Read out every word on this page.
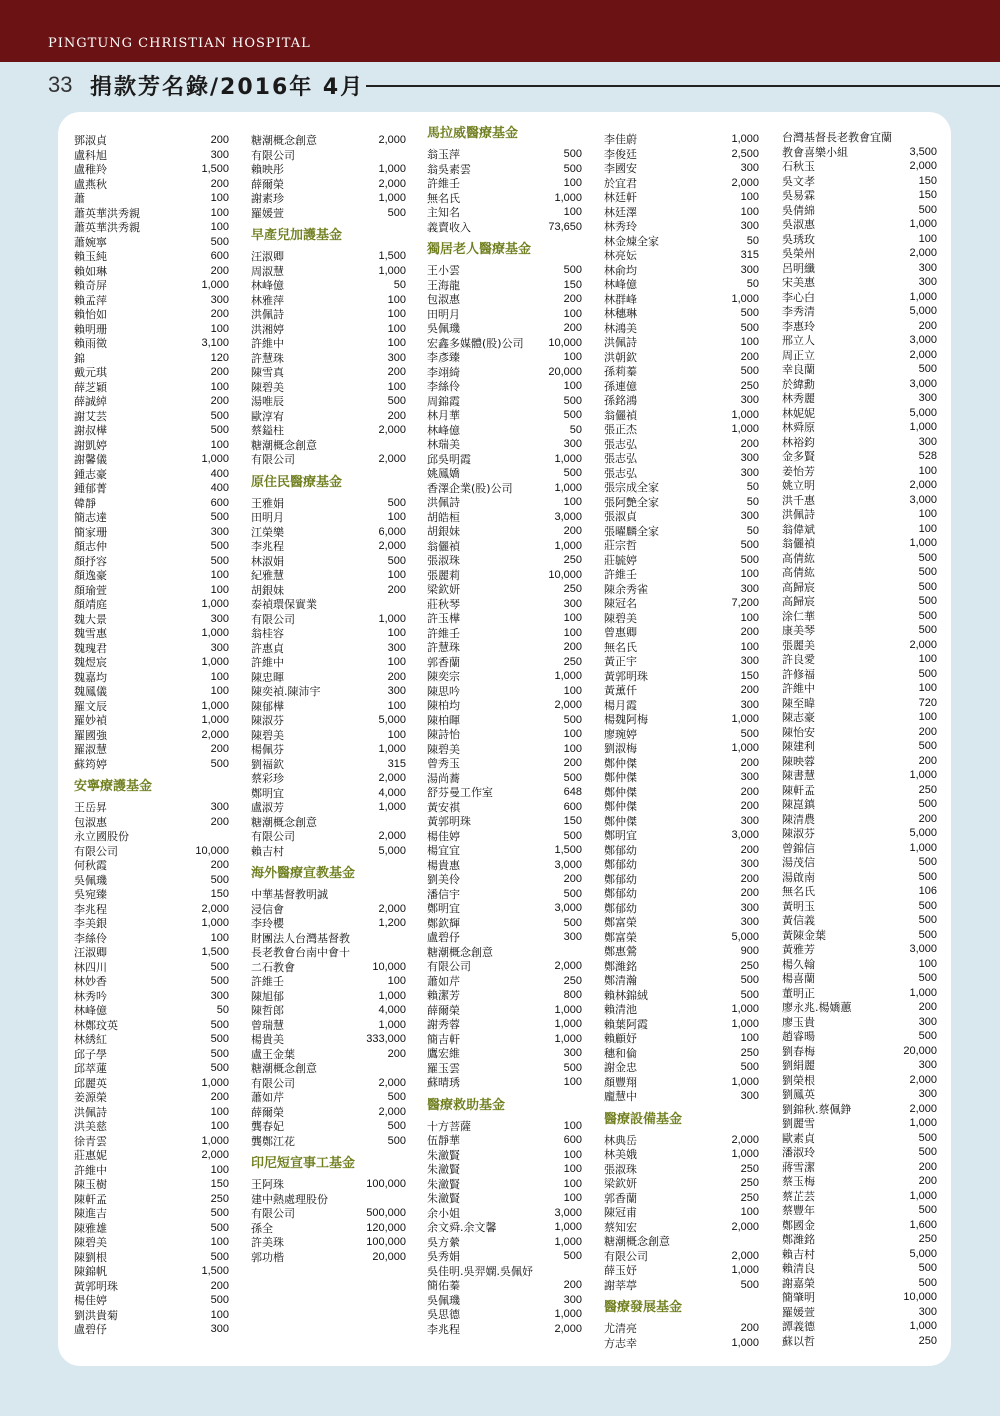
PINGTUNG CHRISTIAN HOSPITAL
33 捐款芳名錄/2016年 4月
鄧淑貞	200
盧科旭	300
盧稚羚	1,500
盧燕秋	200
蕭	100
蕭英華洪秀親	100
蕭英華洪秀親	100
蕭婉寧	500
賴玉純	600
賴如琳	200
賴奇屏	1,000
賴孟萍	300
賴怡如	200
賴明珊	100
賴雨徵	3,100
錦	120
戴元琪	200
薛芝穎	100
薛誠綽	200
謝艾芸	500
謝叔樺	500
謝凱婷	100
謝馨儀	1,000
鍾志豪	400
鍾郁菁	400
韓靜	600
簡志達	500
簡家珊	300
顏志仲	500
顏抒容	500
顏逸豪	100
顏瑜萱	100
顏靖庭	1,000
魏大景	300
魏雪惠	1,000
魏瑰君	300
魏煜宸	1,000
魏嘉均	100
魏鳳儀	100
羅文辰	1,000
羅妙禎	1,000
羅國強	2,000
羅淑慧	200
蘇筠婷	500
安寧療護基金
王岳昇	300
包淑惠	200
永立國股份
有限公司	10,000
何秋霞	200
吳佩璣	500
吳宛臻	150
李兆程	2,000
李美銀	1,000
李絲伶	100
汪淑卿	1,500
林四川	500
林妙香	500
林秀吟	300
林峰億	50
林鄭玟英	500
林綉紅	500
邱子學	500
邱萃蓮	500
邱麗英	1,000
姜源榮	200
洪佩詩	100
洪美慈	100
徐青雲	1,000
莊惠妮	2,000
許維中	100
陳玉樹	150
陳軒孟	250
陳進吉	500
陳雅雄	500
陳碧美	100
陳劉根	500
陳錦帆	1,500
黃郭明珠	200
楊佳婷	500
劉洪貴菊	100
盧碧伃	300
糖潮概念創意	2,000
有限公司
賴映彤	1,000
薛爾榮	2,000
謝素珍	1,000
羅媛萱	500
早產兒加護基金
汪淑卿	1,500
周淑慧	1,000
林峰億	50
林雅萍	100
洪佩詩	100
洪湘婷	100
許維中	100
許慧珠	300
陳雪真	200
陳碧美	100
湯唯辰	500
歐淳宥	200
蔡鎰柱	2,000
糖潮概念創意
有限公司	2,000
原住民醫療基金
王雅娟	500
田明月	100
江榮樂	6,000
李兆程	2,000
林淑娟	500
紀雅慧	100
胡銀妹	200
泰禎環保實業
有限公司	1,000
翁桂容	100
許惠貞	300
許維中	100
陳忠暉	200
陳奕禎.陳沛宇	300
陳郁樺	100
陳淑芬	5,000
陳碧美	100
楊佩芬	1,000
劉福欽	315
蔡彩珍	2,000
鄭明宜	4,000
盧淑芳	1,000
糖潮概念創意
有限公司	2,000
賴吉村	5,000
海外醫療宣教基金
中華基督教明誠
浸信會	2,000
李玲櫻	1,200
財團法人台灣基督教
長老教會台南中會十
二石教會	10,000
許維壬	100
陳旭郁	1,000
陳哲郎	4,000
曾瑞慧	1,000
楊貴美	333,000
盧王金葉	200
糖潮概念創意
有限公司	2,000
蕭如芹	500
薛爾榮	2,000
龔春妃	500
龔鄭江花	500
印尼短宣事工基金
王阿珠	100,000
建中熱處理股份
有限公司	500,000
孫全	120,000
許美珠	100,000
郭功楷	20,000
馬拉威醫療基金
翁玉萍	500
翁吳素雲	500
許維壬	100
無名氏	1,000
主知名	100
義賣收入	73,650
獨居老人醫療基金
王小雲	500
王海龍	150
包淑惠	200
田明月	100
吳佩璣	200
宏鑫多媒體(股)公司 10,000
李彥臻	100
李翊綺	20,000
李絲伶	100
周錦霞	500
林月華	500
林峰億	50
林瑞美	300
邱吳明霞	1,000
姚鳳嬌	500
香澤企業(股)公司	1,000
洪佩詩	100
胡皓桓	3,000
胡銀妹	200
翁儷禎	1,000
張淑珠	250
張麗莉	10,000
梁欽妍	250
莊秋琴	300
許玉樺	100
許維壬	100
許慧珠	200
郭香蘭	250
陳奕宗	1,000
陳思吟	100
陳柏均	2,000
陳柏暉	500
陳詩怡	100
陳碧美	100
曾秀玉	200
湯尚蕎	500
舒芬曼工作室	648
黃安祺	600
黃郭明珠	150
楊佳婷	500
楊宜宜	1,500
楊貴惠	3,000
劉美伶	200
潘信宇	500
鄭明宜	3,000
鄭欽輝	500
盧碧伃	300
糖潮概念創意
有限公司	2,000
蕭如芹	250
賴潔芳	800
薛爾榮	1,000
謝秀蓉	1,000
簡吉軒	1,000
鷹宏維	300
羅玉雲	500
蘇晴琇	100
醫療救助基金
十方菩薩	100
伍靜華	600
朱瀲賢	100
朱瀲賢	100
朱瀲賢	100
朱瀲賢	100
余小姐	3,000
余文舜.余文馨	1,000
吳方縈	1,000
吳秀娟	500
吳佳明.吳羿嫻.吳佩妤
簡佑蓁	200
吳佩璣	300
吳思德	1,000
李兆程	2,000
李佳蔚	1,000
李俊廷	2,500
李國安	300
於宜君	2,000
林廷軒	100
林廷澤	100
林秀玲	300
林金煉全家	50
林亮妘	315
林俞均	300
林峰億	50
林群峰	1,000
林穗琳	500
林鴻美	500
洪佩詩	100
洪朝欽	200
孫莉蓁	500
孫連億	250
孫銘鴻	300
翁儷禎	1,000
張正杰	1,000
張志弘	200
張志弘	300
張志弘	300
張宗成全家	50
張阿艶全家	50
張淑貞	300
張曜麟全家	50
莊宗哲	500
莊毓婷	500
許維壬	100
陳余秀雀	300
陳冠名	7,200
陳碧美	100
曾惠卿	200
無名氏	100
黃正宇	300
黃郭明珠	150
黃薰仟	200
楊月霞	300
楊魏阿梅	1,000
廖琬婷	500
劉淑梅	1,000
鄭仲傑	200
鄭仲傑	300
鄭仲傑	200
鄭仲傑	200
鄭仲傑	300
鄭明宜	3,000
鄭郁幼	200
鄭郁幼	300
鄭郁幼	200
鄭郁幼	200
鄭郁幼	300
鄭富榮	300
鄭富榮	5,000
鄭惠鶯	900
鄭濰銘	250
鄭清瀚	500
賴林錦絨	500
賴清池	1,000
賴葉阿霞	1,000
賴顧妤	100
穗和倫	250
謝金忠	500
顏豐翔	1,000
龐慧中	300
醫療設備基金
林典岳	2,000
林美娥	1,000
張淑珠	250
梁欽妍	250
郭香蘭	250
陳冠甫	100
蔡知宏	2,000
糖潮概念創意
有限公司	2,000
薛玉妤	1,000
謝莘葶	500
醫療發展基金
尤清亮	200
方志幸	1,000
台灣基督長老教會宜蘭
教會喜樂小組	3,500
石秋玉	2,000
吳文孝	150
吳易霖	150
吳倩綿	500
吳淑惠	1,000
吳琇玫	100
吳榮州	2,000
呂明纖	300
宋美惠	300
李心白	1,000
李秀清	5,000
李惠玲	200
邢立人	3,000
周正立	2,000
幸良蘭	500
於緯勳	3,000
林秀麗	300
林妮妮	5,000
林舜原	1,000
林裕鈞	300
金多賢	528
姜怡芳	100
姚立明	2,000
洪千惠	3,000
洪佩詩	100
翁偉斌	100
翁儷禎	1,000
高倩紘	500
高倩紘	500
高歸宸	500
高歸宸	500
涂仁華	500
康美琴	500
張麗美	2,000
許良愛	100
許修福	500
許維中	100
陳至暐	720
陳志豪	100
陳怡安	200
陳建利	500
陳映蓉	200
陳書慧	1,000
陳軒孟	250
陳崑鎮	500
陳清農	200
陳淑芬	5,000
曾錦信	1,000
湯茂信	500
湯啟南	500
無名氏	106
黃明玉	500
黃信義	500
黃陳金葉	500
黃雅芳	3,000
楊久翰	100
楊喜蘭	500
董明正	1,000
廖永兆.楊嬌蕙	200
廖玉貴	300
趙睿暘	500
劉春梅	20,000
劉絹麗	300
劉榮根	2,000
劉鳳英	300
劉錦秋.蔡佩錚	2,000
劉麗雪	1,000
歐素貞	500
潘淑玲	500
蔣雪潔	200
蔡玉梅	200
蔡芷芸	1,000
蔡豐年	500
鄭國金	1,600
鄭濰銘	250
賴吉村	5,000
賴清良	500
謝嘉榮	500
簡肇明	10,000
羅媛萱	300
譚義德	1,000
蘇以哲	250
